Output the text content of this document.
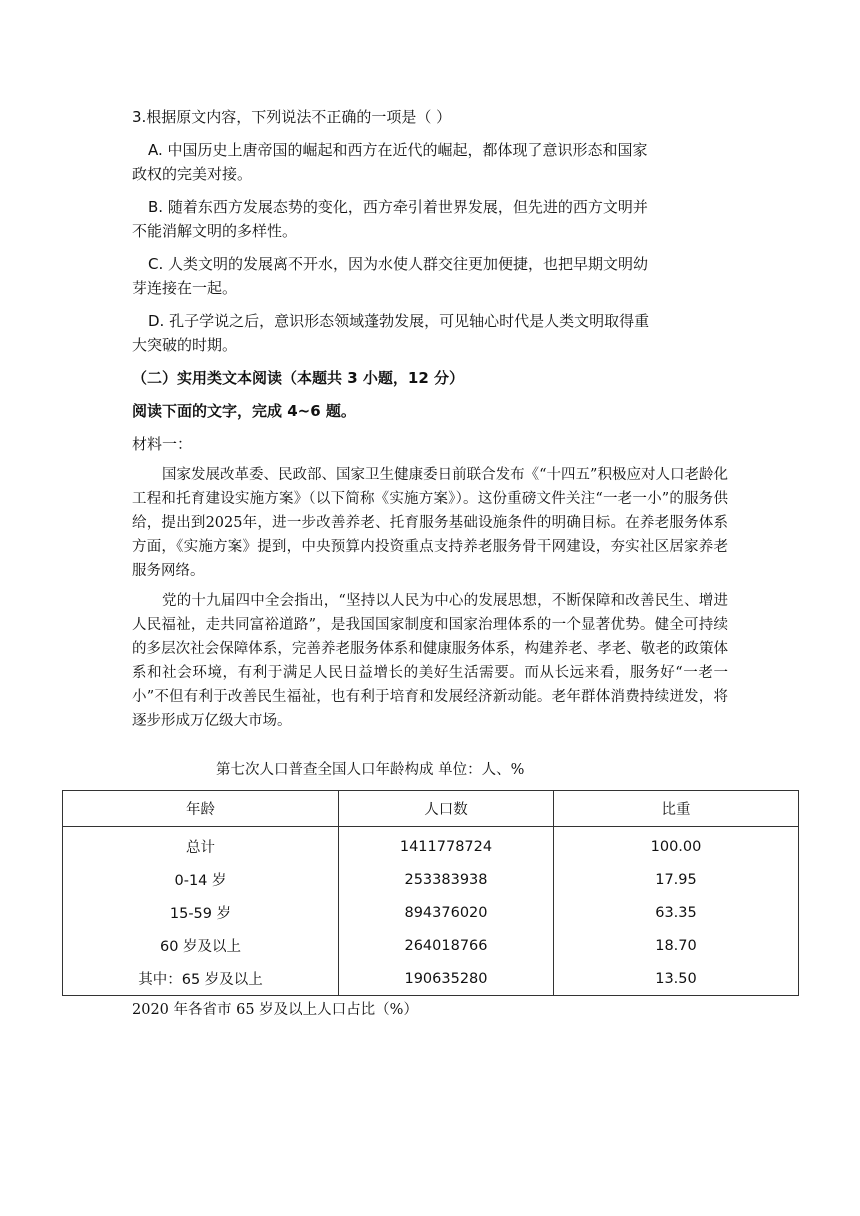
3.根据原文内容，下列说法不正确的一项是（ ）
A. 中国历史上唐帝国的崛起和西方在近代的崛起，都体现了意识形态和国家
政权的完美对接。
B. 随着东西方发展态势的变化，西方牵引着世界发展，但先进的西方文明并
不能消解文明的多样性。
C. 人类文明的发展离不开水，因为水使人群交往更加便捷，也把早期文明幼
芽连接在一起。
D. 孔子学说之后，意识形态领域蓬勃发展，可见轴心时代是人类文明取得重
大突破的时期。
（二）实用类文本阅读（本题共 3 小题，12 分）
阅读下面的文字，完成 4~6 题。
材料一：

国家发展改革委、民政部、国家卫生健康委日前联合发布《“十四五”积极应对人口老龄化工程和托育建设实施方案》（以下简称《实施方案》）。这份重磅文件关注“一老一小”的服务供给，提出到2025年，进一步改善养老、托育服务基础设施条件的明确目标。在养老服务体系方面，《实施方案》提到，中央预算内投资重点支持养老服务骨干网建设，夯实社区居家养老服务网络。

党的十九届四中全会指出，“坚持以人民为中心的发展思想，不断保障和改善民生、增进人民福祉，走共同富裕道路”，是我国国家制度和国家治理体系的一个显著优势。健全可持续的多层次社会保障体系，完善养老服务体系和健康服务体系，构建养老、孝老、敬老的政策体系和社会环境，有利于满足人民日益增长的美好生活需要。而从长远来看，服务好“一老一小”不但有利于改善民生福祉，也有利于培育和发展经济新动能。老年群体消费持续迸发，将逐步形成万亿级大市场。

第七次人口普查全国人口年龄构成 单位：人、%
年龄	人口数	比重
总计	1411778724	100.00
0-14 岁	253383938	17.95
15-59 岁	894376020	63.35
60 岁及以上	264018766	18.70
其中：65 岁及以上	190635280	13.50
2020 年各省市 65 岁及以上人口占比（%）
